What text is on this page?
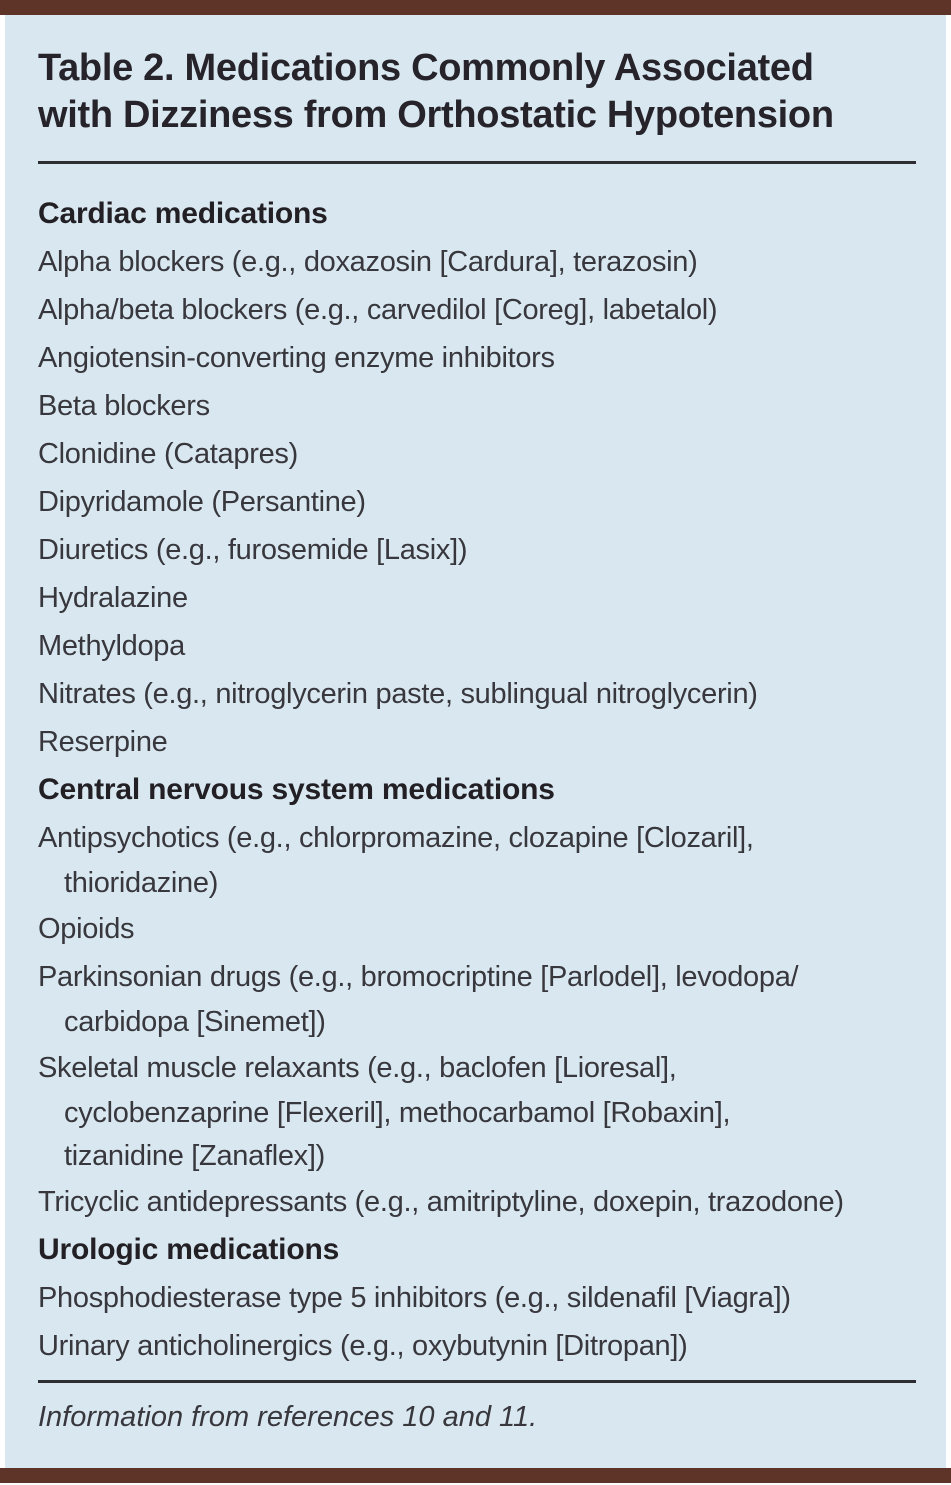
Table 2. Medications Commonly Associated
with Dizziness from Orthostatic Hypotension
Cardiac medications
Alpha blockers (e.g., doxazosin [Cardura], terazosin)
Alpha/beta blockers (e.g., carvedilol [Coreg], labetalol)
Angiotensin-converting enzyme inhibitors
Beta blockers
Clonidine (Catapres)
Dipyridamole (Persantine)
Diuretics (e.g., furosemide [Lasix])
Hydralazine
Methyldopa
Nitrates (e.g., nitroglycerin paste, sublingual nitroglycerin)
Reserpine
Central nervous system medications
Antipsychotics (e.g., chlorpromazine, clozapine [Clozaril],
thioridazine)
Opioids
Parkinsonian drugs (e.g., bromocriptine [Parlodel], levodopa/
carbidopa [Sinemet])
Skeletal muscle relaxants (e.g., baclofen [Lioresal],
cyclobenzaprine [Flexeril], methocarbamol [Robaxin],
tizanidine [Zanaflex])
Tricyclic antidepressants (e.g., amitriptyline, doxepin, trazodone)
Urologic medications
Phosphodiesterase type 5 inhibitors (e.g., sildenafil [Viagra])
Urinary anticholinergics (e.g., oxybutynin [Ditropan])
Information from references 10 and 11.
